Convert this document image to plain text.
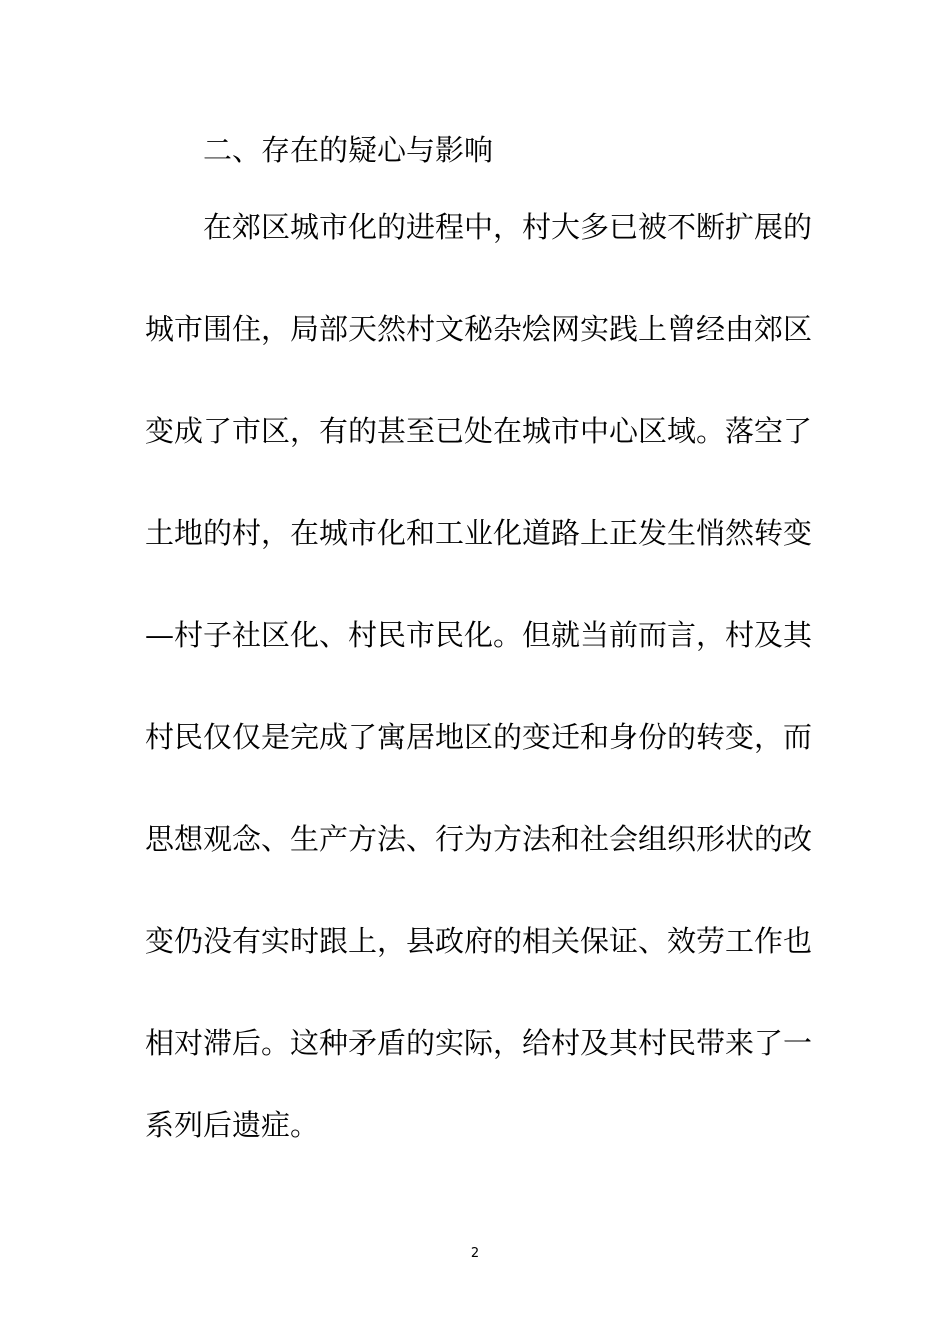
二、存在的疑心与影响
在郊区城市化的进程中，村大多已被不断扩展的
城市围住，局部天然村文秘杂烩网实践上曾经由郊区
变成了市区，有的甚至已处在城市中心区域。落空了
土地的村，在城市化和工业化道路上正发生悄然转变
—村子社区化、村民市民化。但就当前而言，村及其
村民仅仅是完成了寓居地区的变迁和身份的转变，而
思想观念、生产方法、行为方法和社会组织形状的改
变仍没有实时跟上，县政府的相关保证、效劳工作也
相对滞后。这种矛盾的实际，给村及其村民带来了一
系列后遗症。
2
